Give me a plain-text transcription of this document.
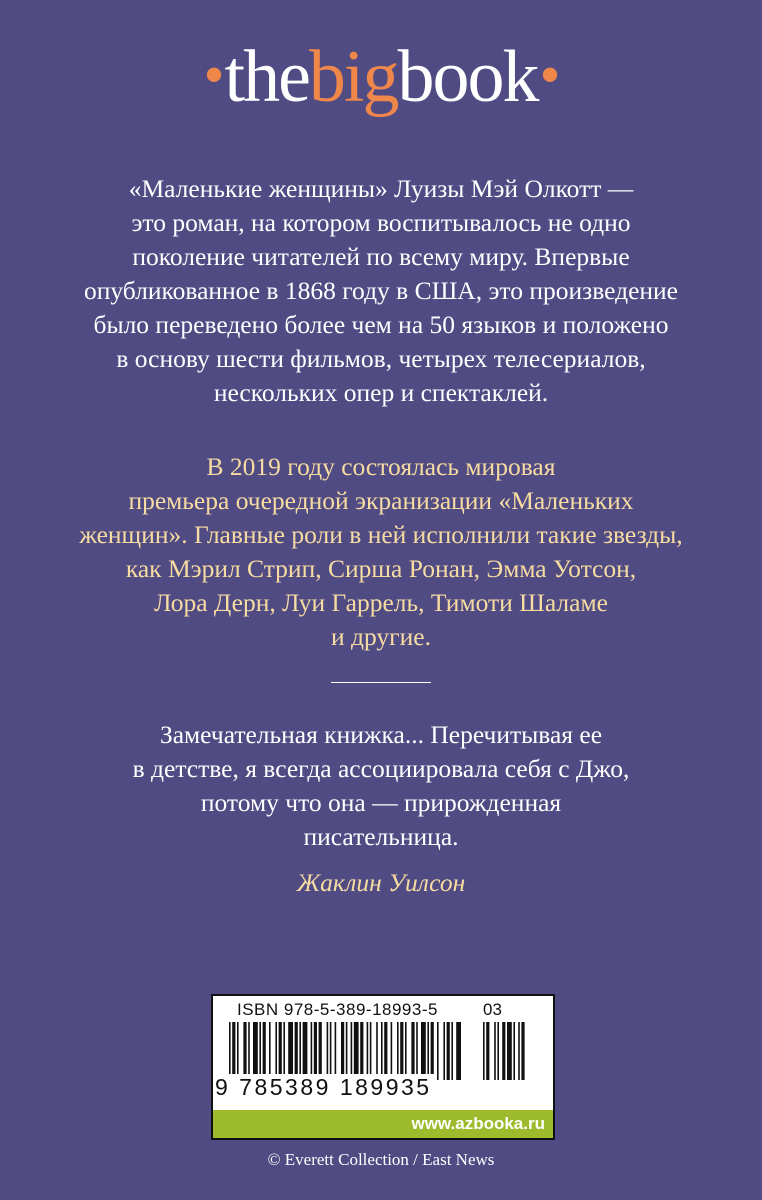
•thebigbook•
«Маленькие женщины» Луизы Мэй Олкотт —
это роман, на котором воспитывалось не одно
поколение читателей по всему миру. Впервые
опубликованное в 1868 году в США, это произведение
было переведено более чем на 50 языков и положено
в основу шести фильмов, четырех телесериалов,
нескольких опер и спектаклей.
В 2019 году состоялась мировая
премьера очередной экранизации «Маленьких
женщин». Главные роли в ней исполнили такие звезды,
как Мэрил Стрип, Сирша Ронан, Эмма Уотсон,
Лора Дерн, Луи Гаррель, Тимоти Шаламе
и другие.
Замечательная книжка... Перечитывая ее
в детстве, я всегда ассоциировала себя с Джо,
потому что она — прирожденная
писательница.
Жаклин Уилсон
ISBN 978-5-389-18993-5	03
9 785389 189935
www.azbooka.ru
© Everett Collection / East News
